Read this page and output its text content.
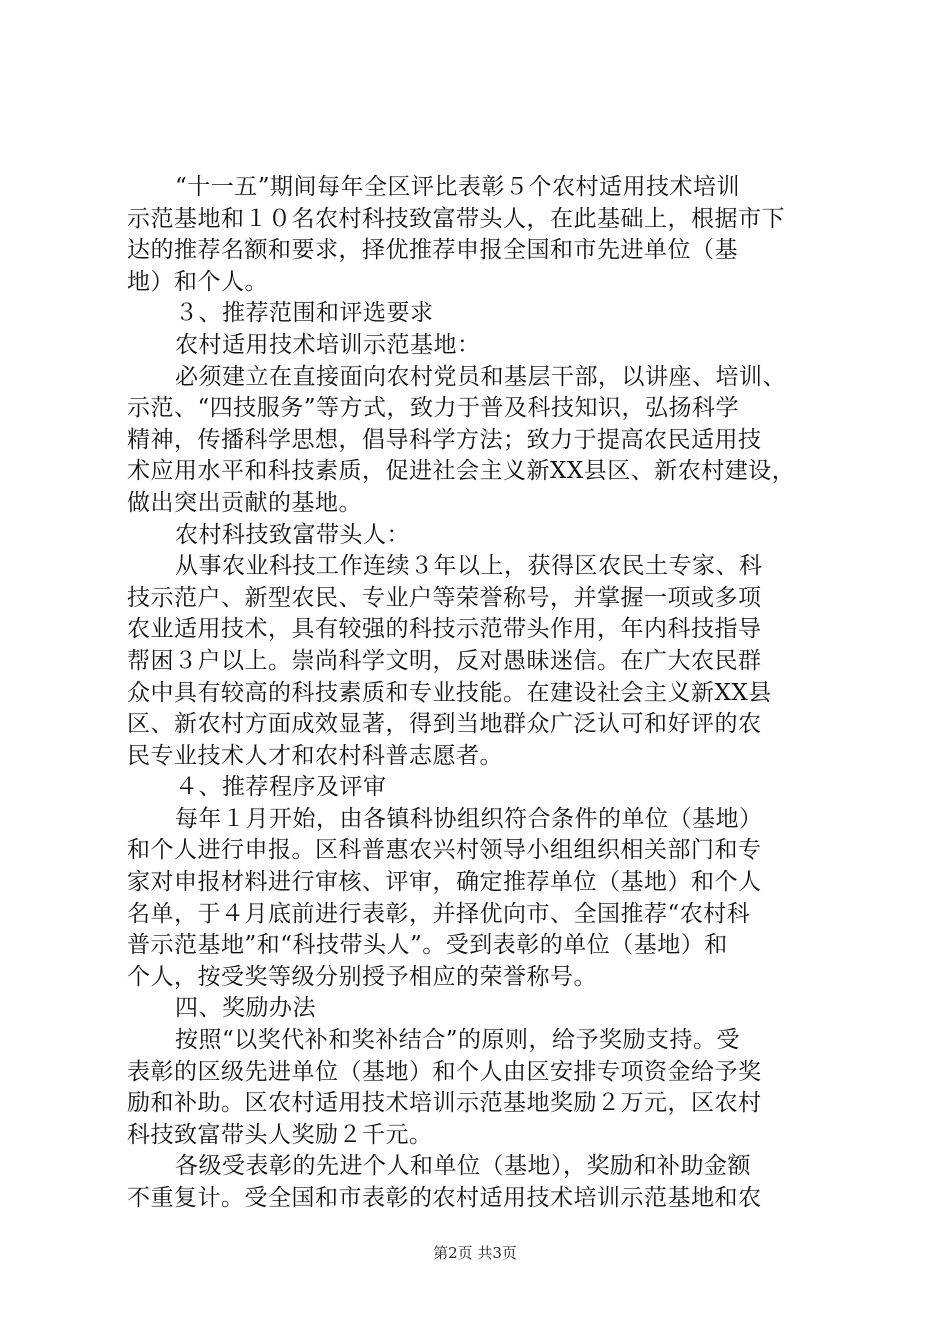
“十一五”期间每年全区评比表彰５个农村适用技术培训
示范基地和１０名农村科技致富带头人，在此基础上，根据市下
达的推荐名额和要求，择优推荐申报全国和市先进单位（基
地）和个人。
３、推荐范围和评选要求
农村适用技术培训示范基地：
必须建立在直接面向农村党员和基层干部，以讲座、培训、
示范、“四技服务”等方式，致力于普及科技知识，弘扬科学
精神，传播科学思想，倡导科学方法；致力于提高农民适用技
术应用水平和科技素质，促进社会主义新XX县区、新农村建设，
做出突出贡献的基地。
农村科技致富带头人：
从事农业科技工作连续３年以上，获得区农民土专家、科
技示范户、新型农民、专业户等荣誉称号，并掌握一项或多项
农业适用技术，具有较强的科技示范带头作用，年内科技指导
帮困３户以上。崇尚科学文明，反对愚昧迷信。在广大农民群
众中具有较高的科技素质和专业技能。在建设社会主义新XX县
区、新农村方面成效显著，得到当地群众广泛认可和好评的农
民专业技术人才和农村科普志愿者。
４、推荐程序及评审
每年１月开始，由各镇科协组织符合条件的单位（基地）
和个人进行申报。区科普惠农兴村领导小组组织相关部门和专
家对申报材料进行审核、评审，确定推荐单位（基地）和个人
名单，于４月底前进行表彰，并择优向市、全国推荐“农村科
普示范基地”和“科技带头人”。受到表彰的单位（基地）和
个人，按受奖等级分别授予相应的荣誉称号。
四、奖励办法
按照“以奖代补和奖补结合”的原则，给予奖励支持。受
表彰的区级先进单位（基地）和个人由区安排专项资金给予奖
励和补助。区农村适用技术培训示范基地奖励２万元，区农村
科技致富带头人奖励２千元。
各级受表彰的先进个人和单位（基地），奖励和补助金额
不重复计。受全国和市表彰的农村适用技术培训示范基地和农
第2页 共3页
